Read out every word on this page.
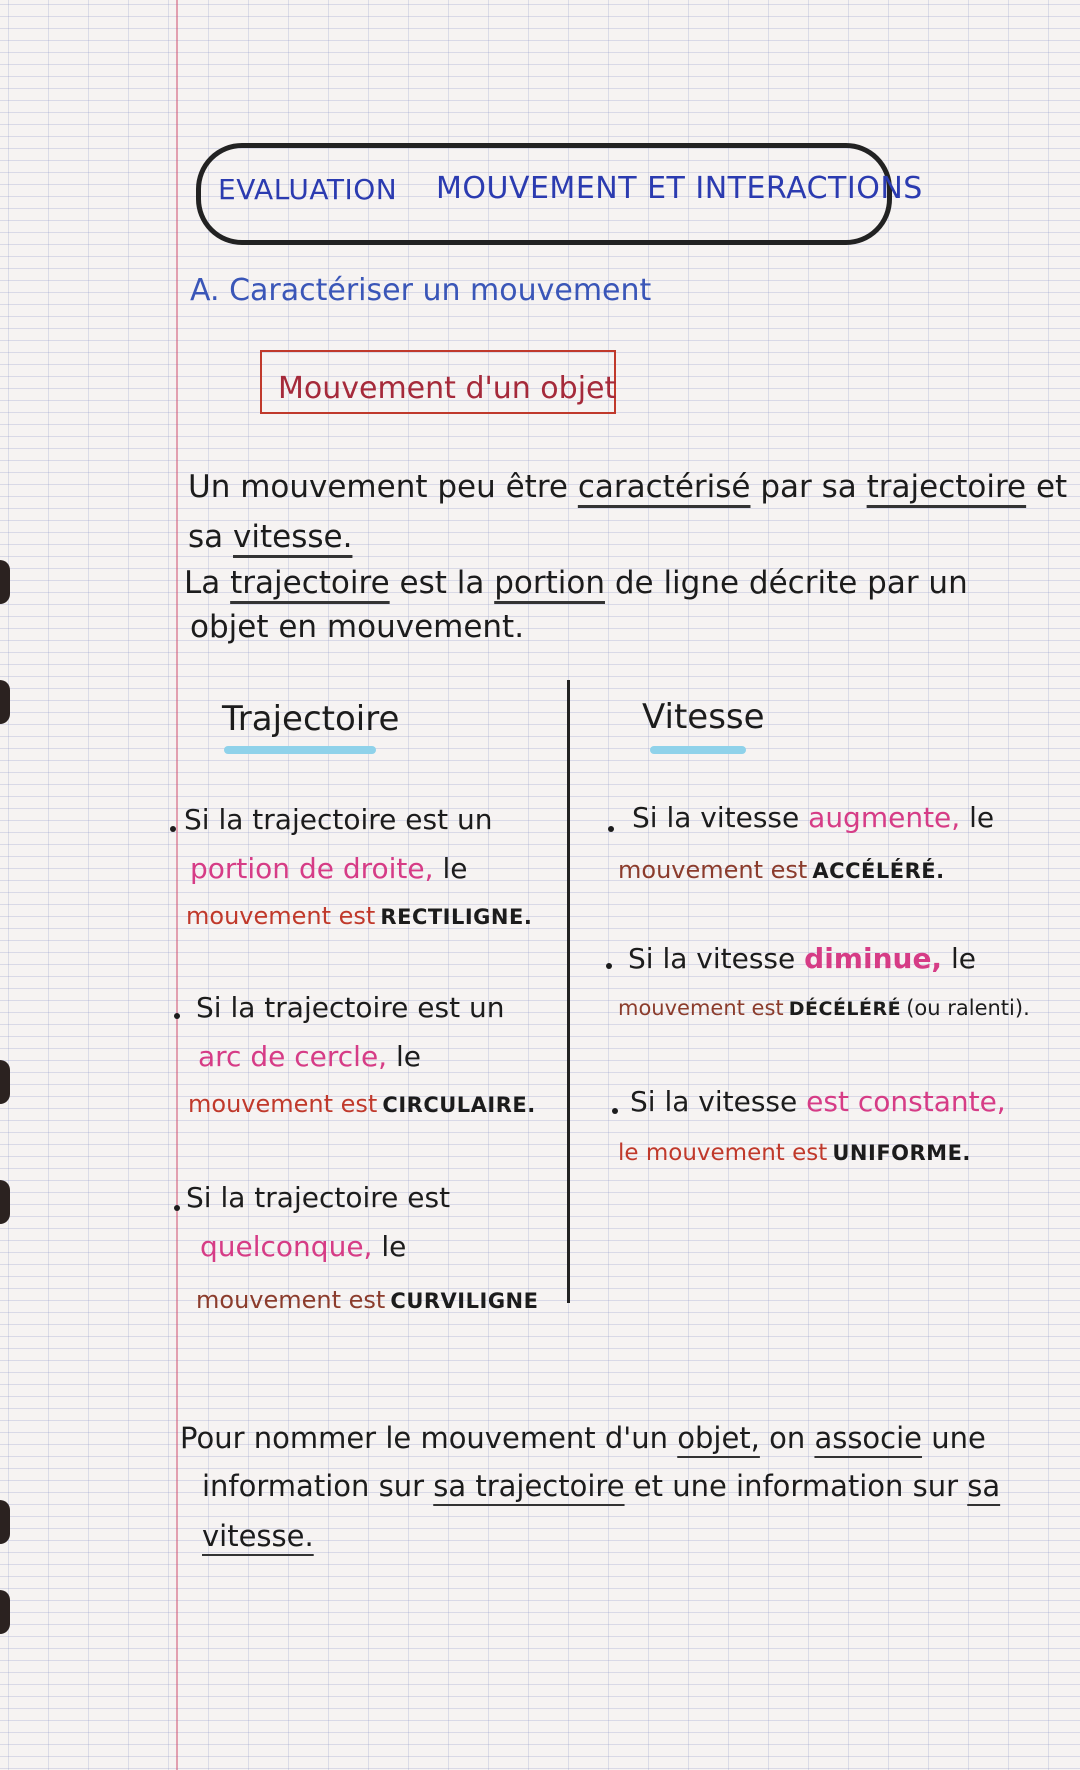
EVALUATION MOUVEMENT ET INTERACTIONS
A. Caractériser un mouvement
Mouvement d'un objet
Un mouvement peu être caractérisé par sa trajectoire et
sa vitesse.
La trajectoire est la portion de ligne décrite par un
objet en mouvement.
Trajectoire
Si la trajectoire est un
portion de droite, le
mouvement est RECTILIGNE.
Si la trajectoire est un
arc de cercle, le
mouvement est CIRCULAIRE.
Si la trajectoire est
quelconque, le
mouvement est CURVILIGNE
Vitesse
Si la vitesse augmente, le
mouvement est ACCÉLÉRÉ.
Si la vitesse diminue, le
mouvement est DÉCÉLÉRÉ (ou ralenti).
Si la vitesse est constante,
le mouvement est UNIFORME.
Pour nommer le mouvement d'un objet, on associe une
information sur sa trajectoire et une information sur sa
vitesse.
